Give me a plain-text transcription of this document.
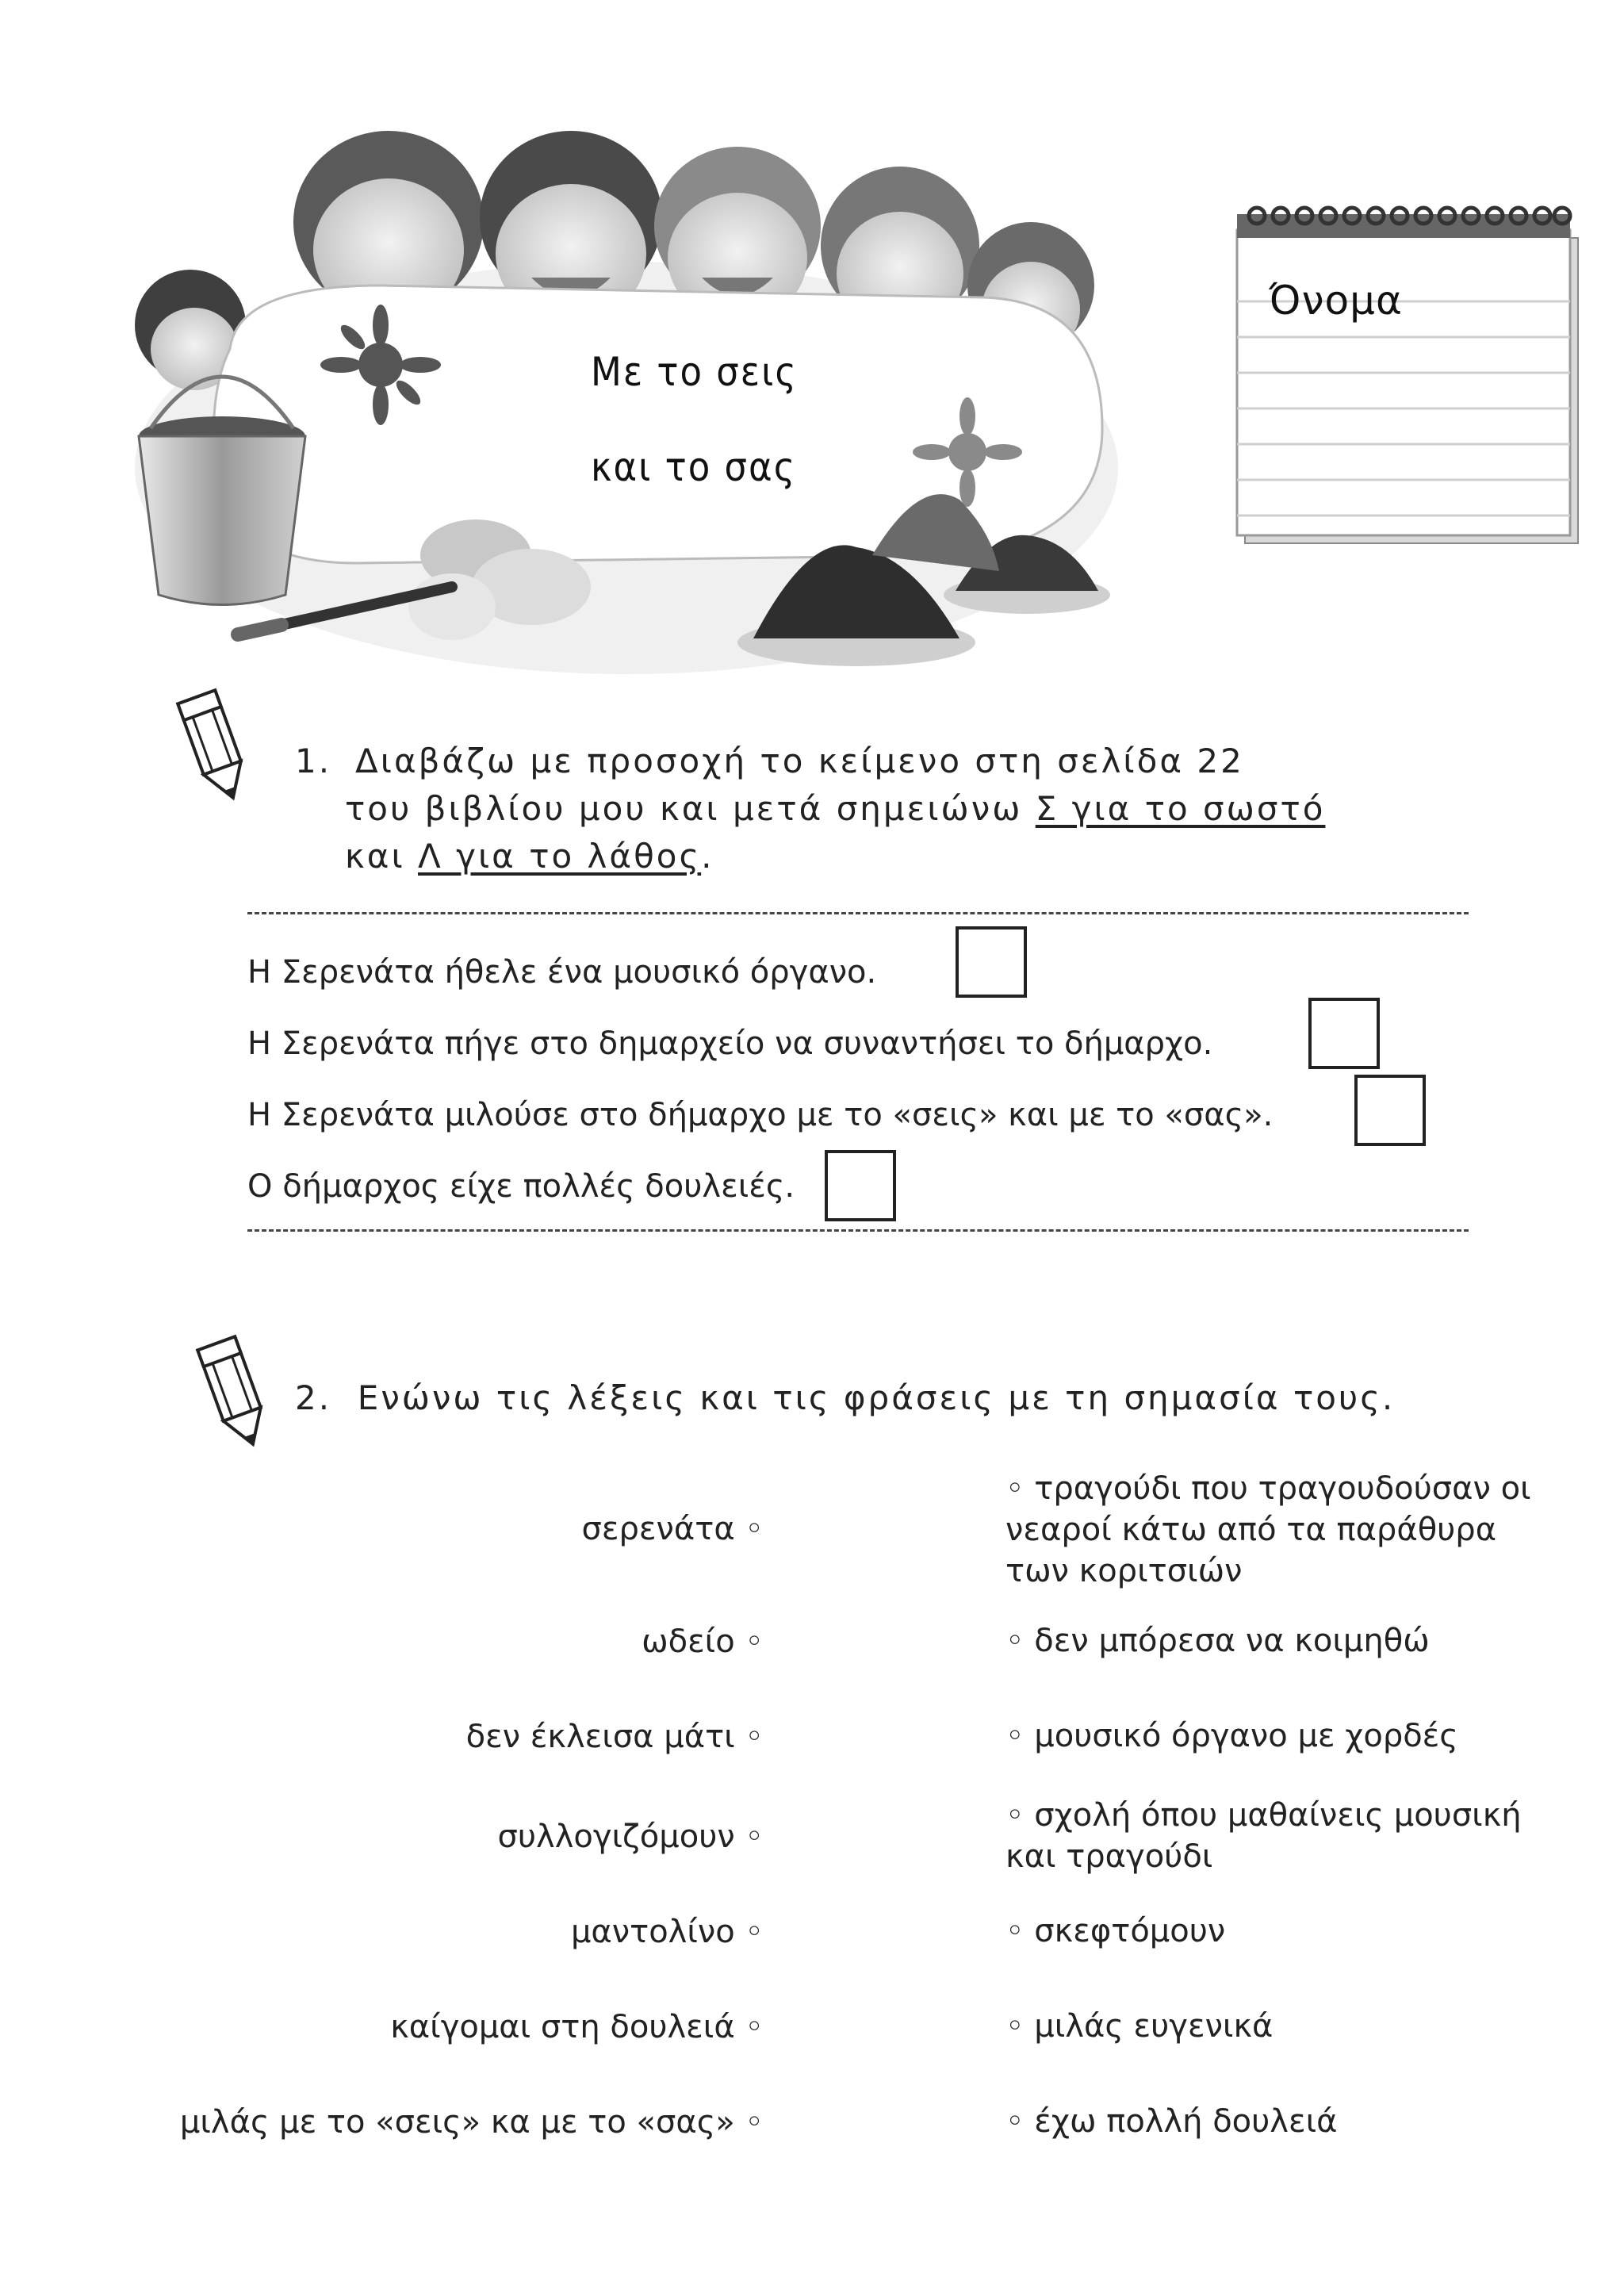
Με το σεις
και το σας
Όνομα
1. Διαβάζω με προσοχή το κείμενο στη σελίδα 22
του βιβλίου μου και μετά σημειώνω Σ για το σωστό
και Λ για το λάθος.
Η Σερενάτα ήθελε ένα μουσικό όργανο.
Η Σερενάτα πήγε στο δημαρχείο να συναντήσει το δήμαρχο.
Η Σερενάτα μιλούσε στο δήμαρχο με το «σεις» και με το «σας».
Ο δήμαρχος είχε πολλές δουλειές.
2. Ενώνω τις λέξεις και τις φράσεις με τη σημασία τους.
σερενάτα ◦
ωδείο ◦
δεν έκλεισα μάτι ◦
συλλογιζόμουν ◦
μαντολίνο ◦
καίγομαι στη δουλειά ◦
μιλάς με το «σεις» κα με το «σας» ◦
◦ τραγούδι που τραγουδούσαν οι νεαροί κάτω από τα παράθυρα των κοριτσιών
◦ δεν μπόρεσα να κοιμηθώ
◦ μουσικό όργανο με χορδές
◦ σχολή όπου μαθαίνεις μουσική και τραγούδι
◦ σκεφτόμουν
◦ μιλάς ευγενικά
◦ έχω πολλή δουλειά
